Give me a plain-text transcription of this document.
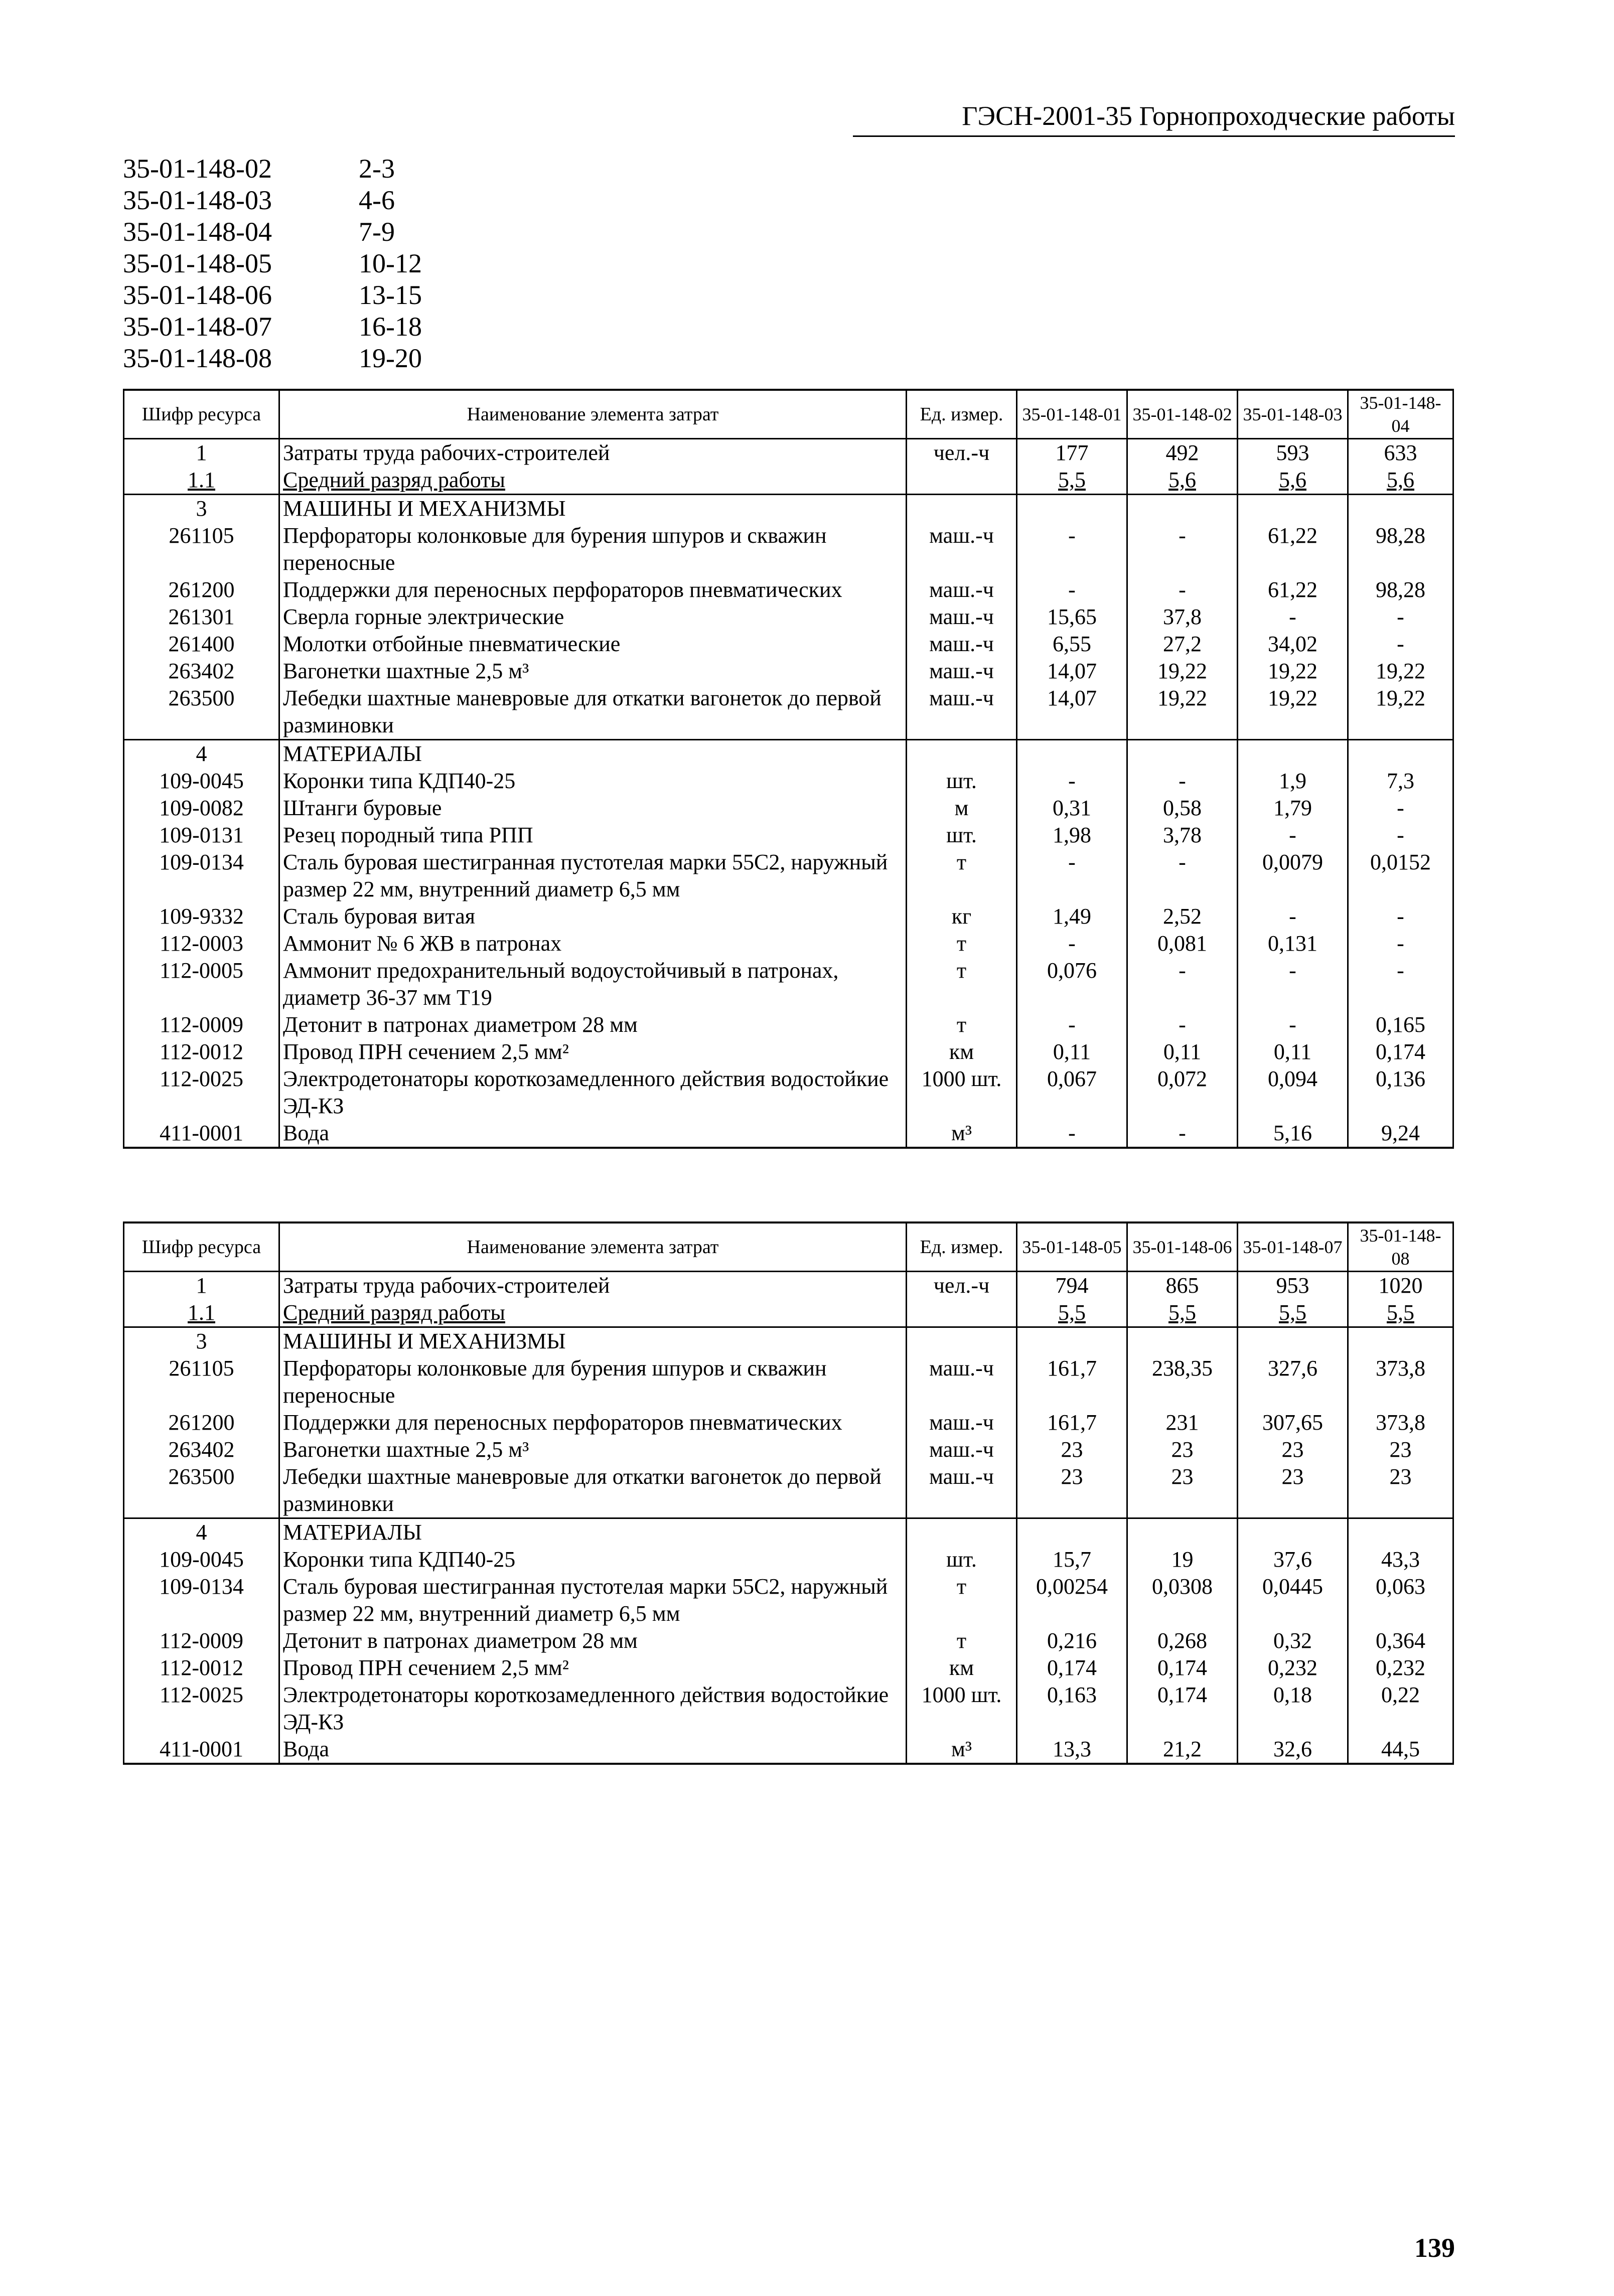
ГЭСН-2001-35 Горнопроходческие работы
35-01-148-02	2-3
35-01-148-03	4-6
35-01-148-04	7-9
35-01-148-05	10-12
35-01-148-06	13-15
35-01-148-07	16-18
35-01-148-08	19-20
Шифр ресурса	Наименование элемента затрат	Ед. измер.	35-01-148-01	35-01-148-02	35-01-148-03	35-01-148-04
1	Затраты труда рабочих-строителей	чел.-ч	177	492	593	633
1.1	Средний разряд работы		5,5	5,6	5,6	5,6
3	МАШИНЫ И МЕХАНИЗМЫ					
261105	Перфораторы колонковые для бурения шпуров и скважин переносные	маш.-ч	-	-	61,22	98,28
261200	Поддержки для переносных перфораторов пневматических	маш.-ч	-	-	61,22	98,28
261301	Сверла горные электрические	маш.-ч	15,65	37,8	-	-
261400	Молотки отбойные пневматические	маш.-ч	6,55	27,2	34,02	-
263402	Вагонетки шахтные 2,5 м³	маш.-ч	14,07	19,22	19,22	19,22
263500	Лебедки шахтные маневровые для откатки вагонеток до первой разминовки	маш.-ч	14,07	19,22	19,22	19,22
4	МАТЕРИАЛЫ					
109-0045	Коронки типа КДП40-25	шт.	-	-	1,9	7,3
109-0082	Штанги буровые	м	0,31	0,58	1,79	-
109-0131	Резец породный типа РПП	шт.	1,98	3,78	-	-
109-0134	Сталь буровая шестигранная пустотелая марки 55С2, наружный размер 22 мм, внутренний диаметр 6,5 мм	т	-	-	0,0079	0,0152
109-9332	Сталь буровая витая	кг	1,49	2,52	-	-
112-0003	Аммонит № 6 ЖВ в патронах	т	-	0,081	0,131	-
112-0005	Аммонит предохранительный водоустойчивый в патронах, диаметр 36-37 мм Т19	т	0,076	-	-	-
112-0009	Детонит в патронах диаметром 28 мм	т	-	-	-	0,165
112-0012	Провод ПРН сечением 2,5 мм²	км	0,11	0,11	0,11	0,174
112-0025	Электродетонаторы короткозамедленного действия водостойкие ЭД-КЗ	1000 шт.	0,067	0,072	0,094	0,136
411-0001	Вода	м³	-	-	5,16	9,24
Шифр ресурса	Наименование элемента затрат	Ед. измер.	35-01-148-05	35-01-148-06	35-01-148-07	35-01-148-08
1	Затраты труда рабочих-строителей	чел.-ч	794	865	953	1020
1.1	Средний разряд работы		5,5	5,5	5,5	5,5
3	МАШИНЫ И МЕХАНИЗМЫ					
261105	Перфораторы колонковые для бурения шпуров и скважин переносные	маш.-ч	161,7	238,35	327,6	373,8
261200	Поддержки для переносных перфораторов пневматических	маш.-ч	161,7	231	307,65	373,8
263402	Вагонетки шахтные 2,5 м³	маш.-ч	23	23	23	23
263500	Лебедки шахтные маневровые для откатки вагонеток до первой разминовки	маш.-ч	23	23	23	23
4	МАТЕРИАЛЫ					
109-0045	Коронки типа КДП40-25	шт.	15,7	19	37,6	43,3
109-0134	Сталь буровая шестигранная пустотелая марки 55С2, наружный размер 22 мм, внутренний диаметр 6,5 мм	т	0,00254	0,0308	0,0445	0,063
112-0009	Детонит в патронах диаметром 28 мм	т	0,216	0,268	0,32	0,364
112-0012	Провод ПРН сечением 2,5 мм²	км	0,174	0,174	0,232	0,232
112-0025	Электродетонаторы короткозамедленного действия водостойкие ЭД-КЗ	1000 шт.	0,163	0,174	0,18	0,22
411-0001	Вода	м³	13,3	21,2	32,6	44,5
139
